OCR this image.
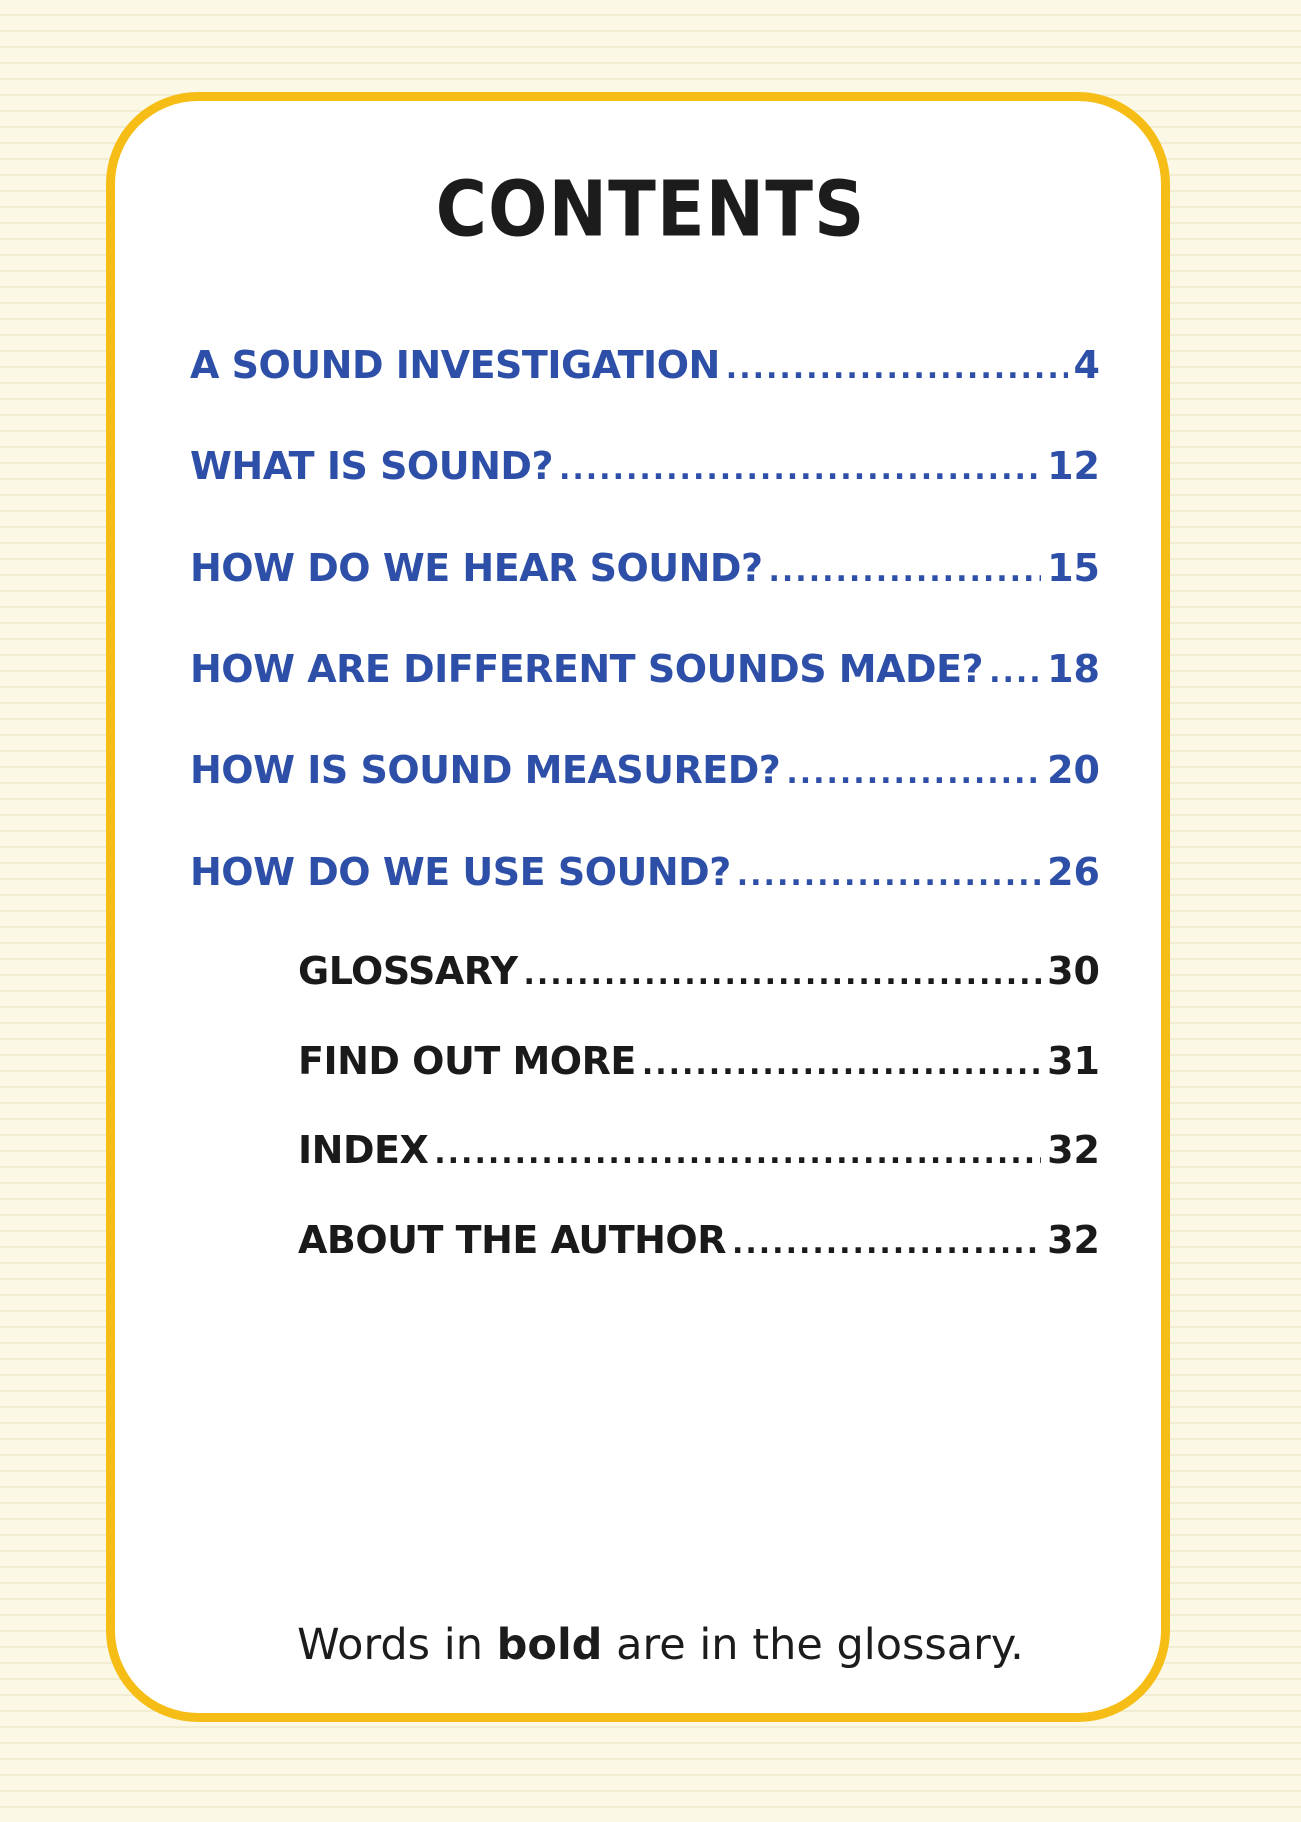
CONTENTS
A SOUND INVESTIGATION .....	4
WHAT IS SOUND? .....	12
HOW DO WE HEAR SOUND? .....	15
HOW ARE DIFFERENT SOUNDS MADE? ..... 18
HOW IS SOUND MEASURED? .....	20
HOW DO WE USE SOUND? .....	26
GLOSSARY .....	30
FIND OUT MORE .....	31
INDEX .....	32
ABOUT THE AUTHOR .....	32
Words in bold are in the glossary.
